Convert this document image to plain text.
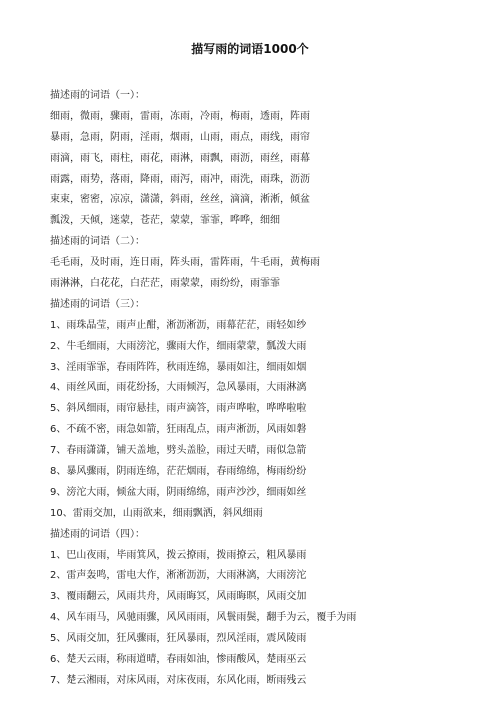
描写雨的词语1000个
描述雨的词语（一）：
细雨，微雨，骤雨，雷雨，冻雨，冷雨，梅雨，透雨，阵雨
暴雨，急雨，阴雨，淫雨，烟雨，山雨，雨点，雨线，雨帘
雨滴，雨飞，雨柱，雨花，雨淋，雨飘，雨沥，雨丝，雨幕
雨露，雨势，落雨，降雨，雨泻，雨冲，雨洗，雨珠，沥沥
束束，密密，凉凉，潇潇，斜雨，丝丝，滴滴，淅淅，倾盆
瓢泼，天倾，迷蒙，苍茫，蒙蒙，霏霏，哗哗，细细
描述雨的词语（二）：
毛毛雨，及时雨，连日雨，阵头雨，雷阵雨，牛毛雨，黄梅雨
雨淋淋，白花花，白茫茫，雨蒙蒙，雨纷纷，雨霏霏
描述雨的词语（三）：
1、雨珠晶莹，雨声止酣，淅沥淅沥，雨幕茫茫，雨轻如纱
2、牛毛细雨，大雨滂沱，骤雨大作，细雨蒙蒙，瓢泼大雨
3、淫雨霏霏，春雨阵阵，秋雨连绵，暴雨如注，细雨如烟
4、雨丝风面，雨花纷扬，大雨倾泻，急风暴雨，大雨淋漓
5、斜风细雨，雨帘悬挂，雨声滴答，雨声哗啦，哗哗啦啦
6、不疏不密，雨急如箭，狂雨乱点，雨声淅沥，风雨如磐
7、春雨潇潇，铺天盖地，劈头盖脸，雨过天晴，雨似急箭
8、暴风骤雨，阴雨连绵，茫茫烟雨，春雨绵绵，梅雨纷纷
9、滂沱大雨，倾盆大雨，阴雨绵绵，雨声沙沙，细雨如丝
10、雷雨交加，山雨欲来，细雨飘洒，斜风细雨
描述雨的词语（四）：
1、巴山夜雨，毕雨箕风，拨云撩雨，拨雨撩云，粗风暴雨
2、雷声轰鸣，雷电大作，淅淅沥沥，大雨淋漓，大雨滂沱
3、覆雨翻云，风雨共舟，风雨晦冥，风雨晦暝，风雨交加
4、风车雨马，风驰雨骤，风风雨雨，风鬟雨鬓，翻手为云，覆手为雨
5、风雨交加，狂风骤雨，狂风暴雨，烈风淫雨，震风陵雨
6、楚天云雨，称雨道晴，春雨如油，惨雨酸风，楚雨巫云
7、楚云湘雨，对床风雨，对床夜雨，东风化雨，断雨残云
